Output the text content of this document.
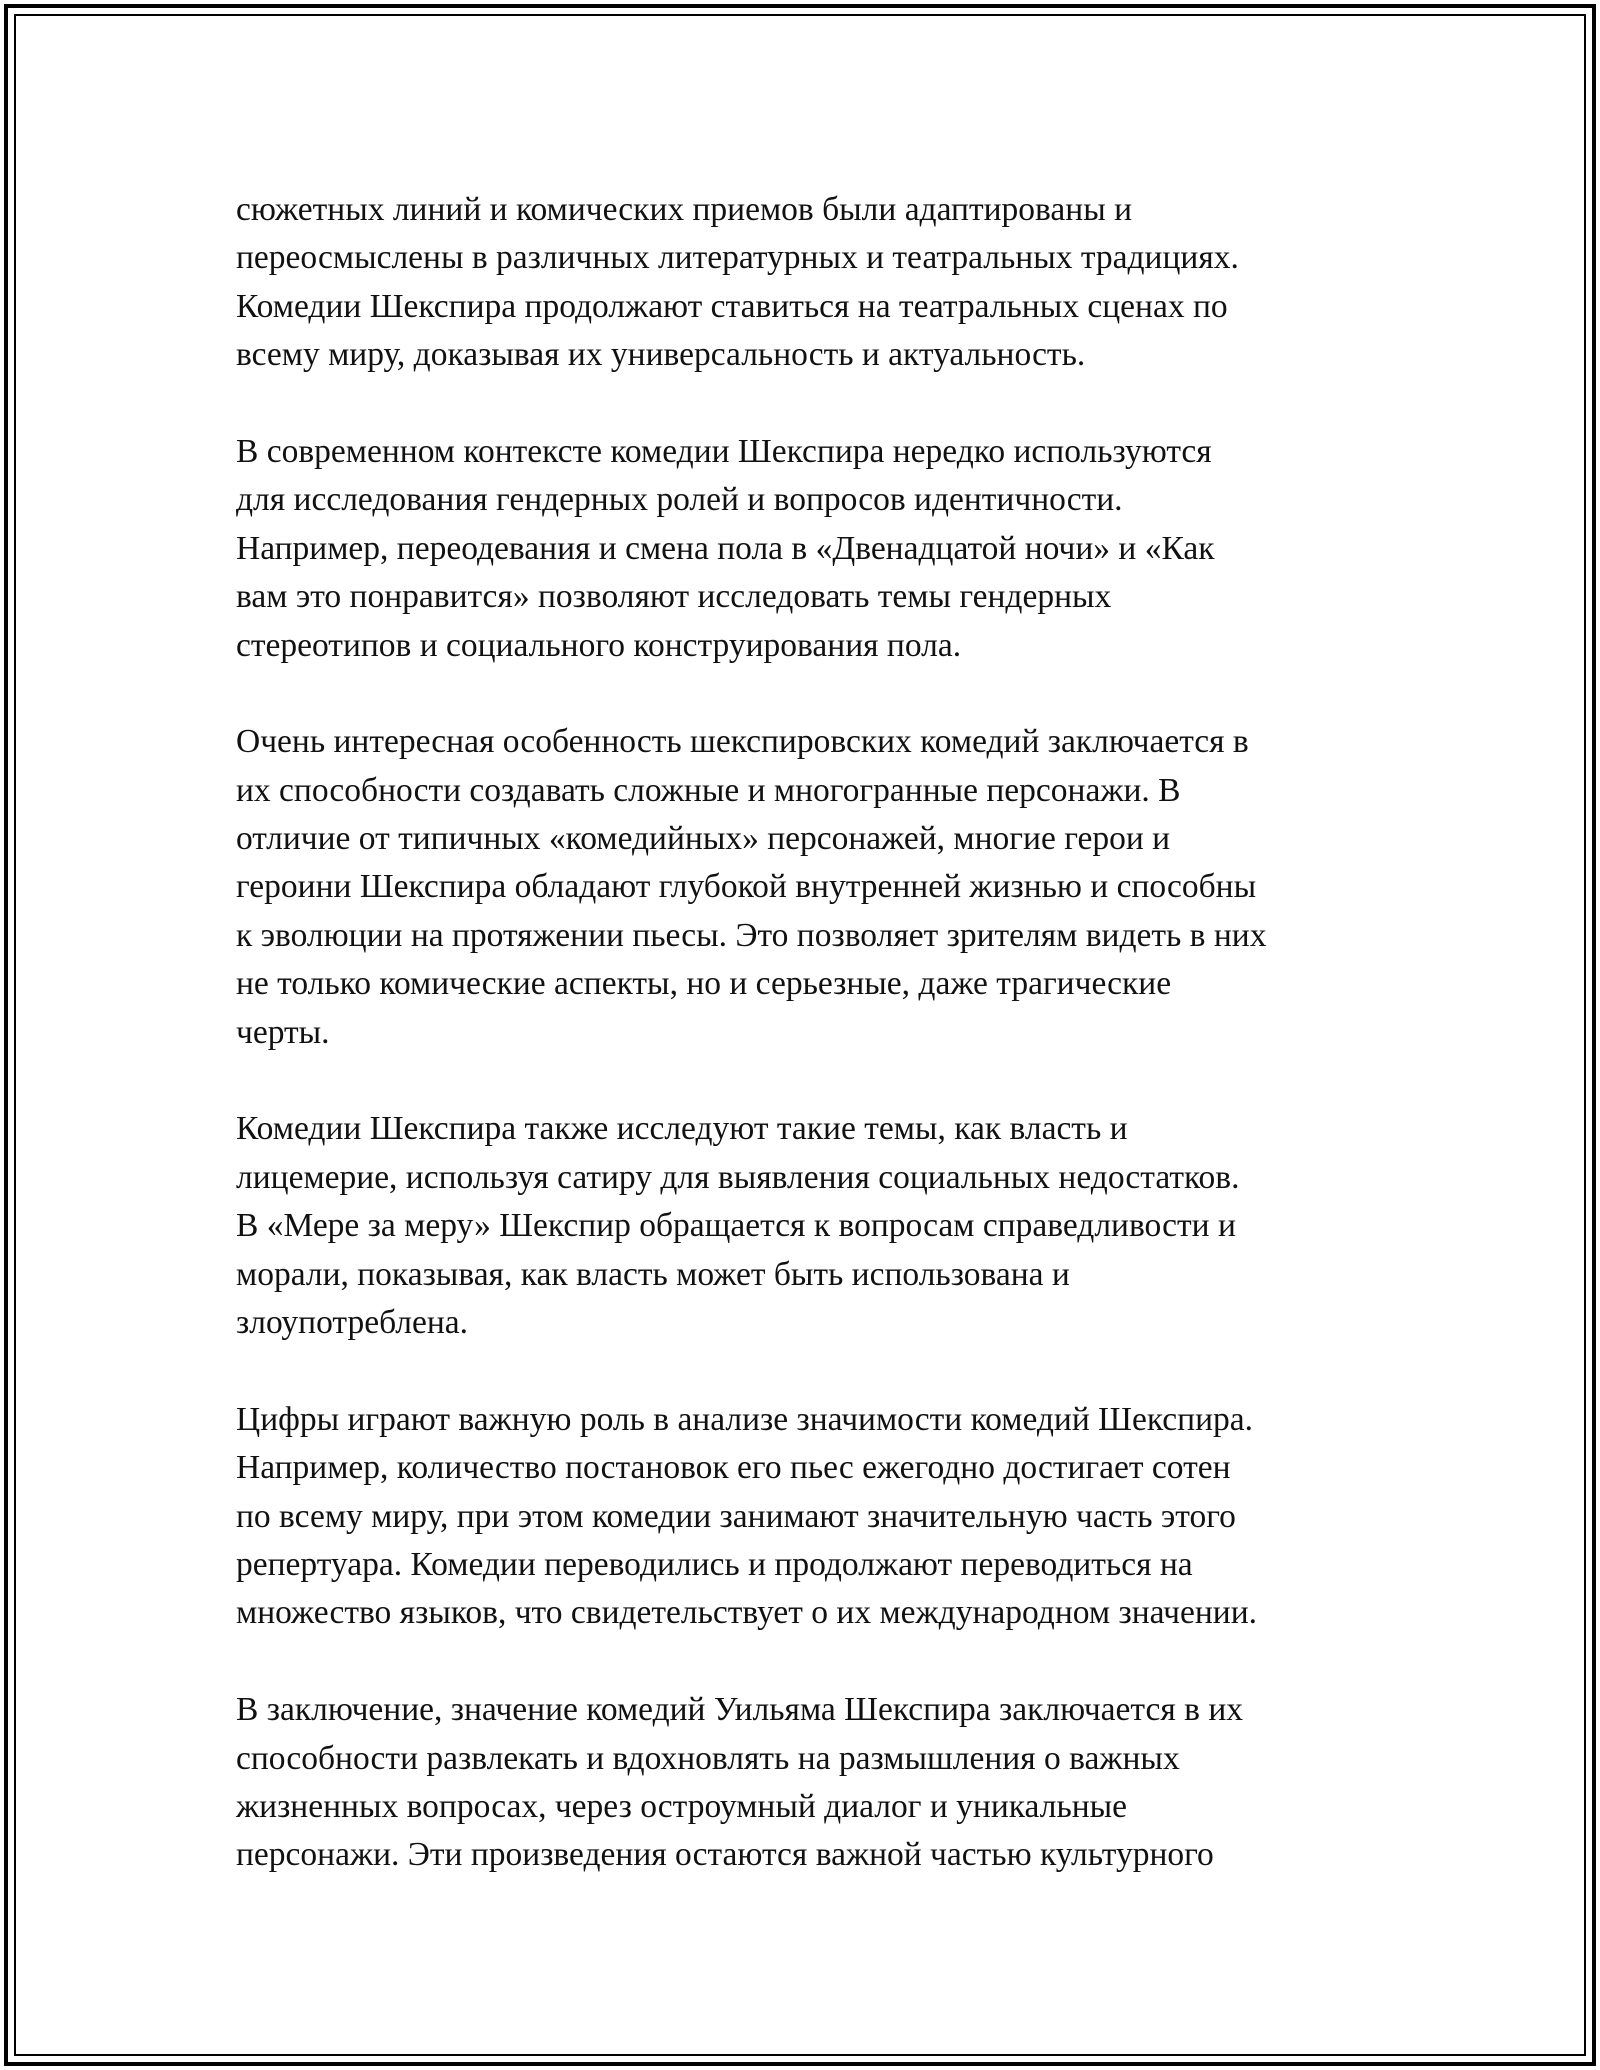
сюжетных линий и комических приемов были адаптированы и
переосмыслены в различных литературных и театральных традициях.
Комедии Шекспира продолжают ставиться на театральных сценах по
всему миру, доказывая их универсальность и актуальность.

В современном контексте комедии Шекспира нередко используются
для исследования гендерных ролей и вопросов идентичности.
Например, переодевания и смена пола в «Двенадцатой ночи» и «Как
вам это понравится» позволяют исследовать темы гендерных
стереотипов и социального конструирования пола.

Очень интересная особенность шекспировских комедий заключается в
их способности создавать сложные и многогранные персонажи. В
отличие от типичных «комедийных» персонажей, многие герои и
героини Шекспира обладают глубокой внутренней жизнью и способны
к эволюции на протяжении пьесы. Это позволяет зрителям видеть в них
не только комические аспекты, но и серьезные, даже трагические
черты.

Комедии Шекспира также исследуют такие темы, как власть и
лицемерие, используя сатиру для выявления социальных недостатков.
В «Мере за меру» Шекспир обращается к вопросам справедливости и
морали, показывая, как власть может быть использована и
злоупотреблена.

Цифры играют важную роль в анализе значимости комедий Шекспира.
Например, количество постановок его пьес ежегодно достигает сотен
по всему миру, при этом комедии занимают значительную часть этого
репертуара. Комедии переводились и продолжают переводиться на
множество языков, что свидетельствует о их международном значении.

В заключение, значение комедий Уильяма Шекспира заключается в их
способности развлекать и вдохновлять на размышления о важных
жизненных вопросах, через остроумный диалог и уникальные
персонажи. Эти произведения остаются важной частью культурного
